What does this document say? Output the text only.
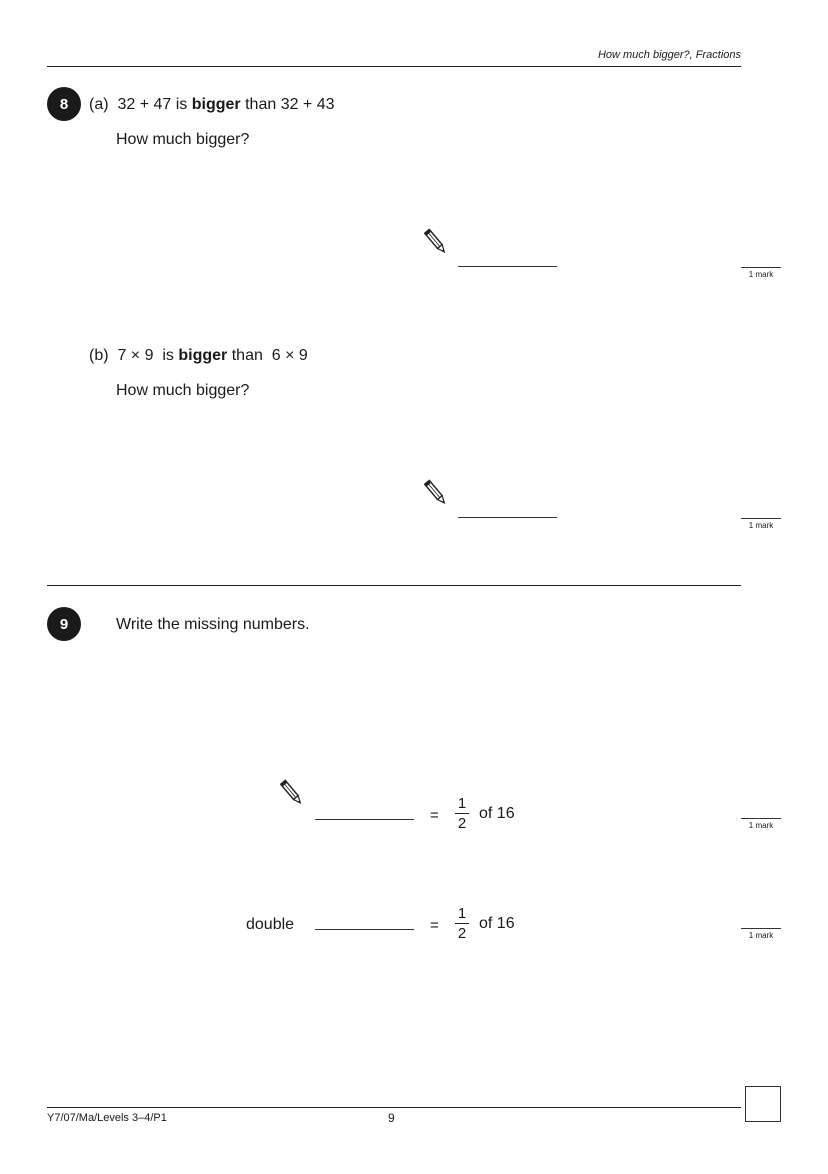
How much bigger?, Fractions
8	(a) 32 + 47 is bigger than 32 + 43
How much bigger?
1 mark
(b) 7 × 9 is bigger than 6 × 9
How much bigger?
1 mark
9	Write the missing numbers.
=
1
2
of 16
1 mark
double	=
1
2
of 16
1 mark
Y7/07/Ma/Levels 3–4/P1	9
